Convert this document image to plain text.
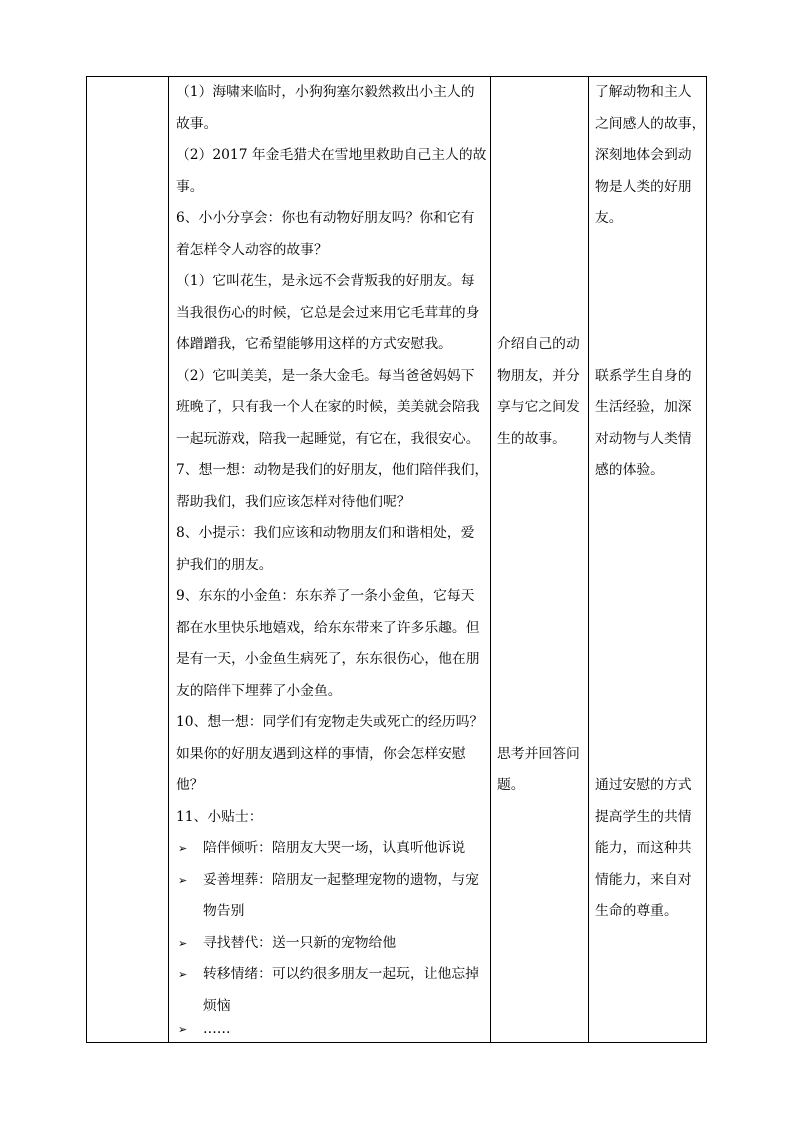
（1）海啸来临时，小狗狗塞尔毅然救出小主人的
故事。
（2）2017 年金毛猎犬在雪地里救助自己主人的故
事。
6、小小分享会：你也有动物好朋友吗？你和它有
着怎样令人动容的故事？
（1）它叫花生，是永远不会背叛我的好朋友。每
当我很伤心的时候，它总是会过来用它毛茸茸的身
体蹭蹭我，它希望能够用这样的方式安慰我。
（2）它叫美美，是一条大金毛。每当爸爸妈妈下
班晚了，只有我一个人在家的时候，美美就会陪我
一起玩游戏，陪我一起睡觉，有它在，我很安心。
7、想一想：动物是我们的好朋友，他们陪伴我们，
帮助我们，我们应该怎样对待他们呢？
8、小提示：我们应该和动物朋友们和谐相处，爱
护我们的朋友。
9、东东的小金鱼：东东养了一条小金鱼，它每天
都在水里快乐地嬉戏，给东东带来了许多乐趣。但
是有一天，小金鱼生病死了，东东很伤心，他在朋
友的陪伴下埋葬了小金鱼。
10、想一想：同学们有宠物走失或死亡的经历吗？
如果你的好朋友遇到这样的事情，你会怎样安慰
他？
11、小贴士：
➢ 陪伴倾听：陪朋友大哭一场，认真听他诉说
➢ 妥善埋葬：陪朋友一起整理宠物的遗物，与宠
物告别
➢ 寻找替代：送一只新的宠物给他
➢ 转移情绪：可以约很多朋友一起玩，让他忘掉
烦恼
➢ ……
介绍自己的动
物朋友，并分
享与它之间发
生的故事。
思考并回答问
题。
了解动物和主人
之间感人的故事，
深刻地体会到动
物是人类的好朋
友。
联系学生自身的
生活经验，加深
对动物与人类情
感的体验。
通过安慰的方式
提高学生的共情
能力，而这种共
情能力，来自对
生命的尊重。
